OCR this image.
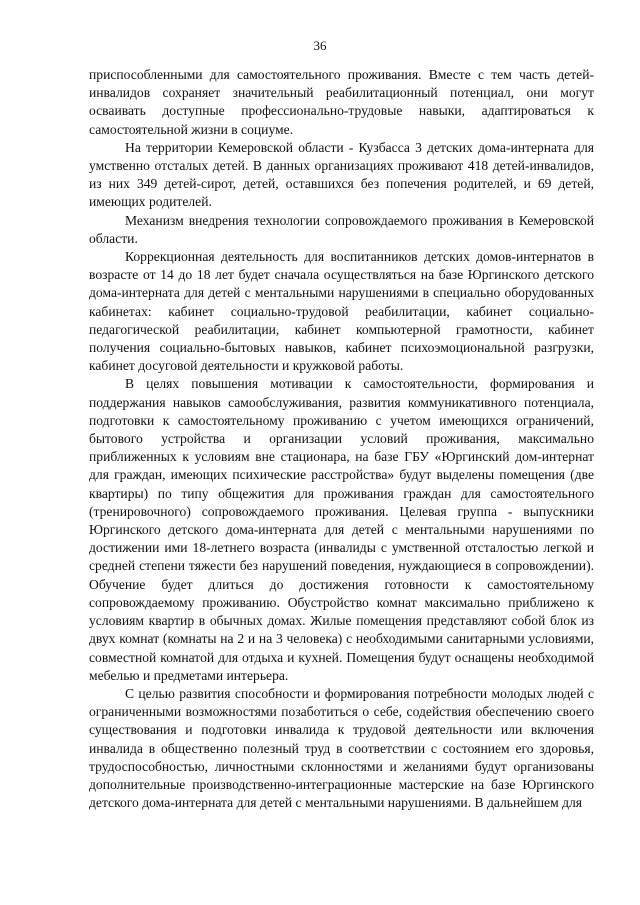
36

приспособленными для самостоятельного проживания. Вместе с тем часть детей-инвалидов сохраняет значительный реабилитационный потенциал, они могут осваивать доступные профессионально-трудовые навыки, адаптироваться к самостоятельной жизни в социуме.

На территории Кемеровской области - Кузбасса 3 детских дома-интерната для умственно отсталых детей. В данных организациях проживают 418 детей-инвалидов, из них 349 детей-сирот, детей, оставшихся без попечения родителей, и 69 детей, имеющих родителей.

Механизм внедрения технологии сопровождаемого проживания в Кемеровской области.

Коррекционная деятельность для воспитанников детских домов-интернатов в возрасте от 14 до 18 лет будет сначала осуществляться на базе Юргинского детского дома-интерната для детей с ментальными нарушениями в специально оборудованных кабинетах: кабинет социально-трудовой реабилитации, кабинет социально-педагогической реабилитации, кабинет компьютерной грамотности, кабинет получения социально-бытовых навыков, кабинет психоэмоциональной разгрузки, кабинет досуговой деятельности и кружковой работы.

В целях повышения мотивации к самостоятельности, формирования и поддержания навыков самообслуживания, развития коммуникативного потенциала, подготовки к самостоятельному проживанию с учетом имеющихся ограничений, бытового устройства и организации условий проживания, максимально приближенных к условиям вне стационара, на базе ГБУ «Юргинский дом-интернат для граждан, имеющих психические расстройства» будут выделены помещения (две квартиры) по типу общежития для проживания граждан для самостоятельного (тренировочного) сопровождаемого проживания. Целевая группа - выпускники Юргинского детского дома-интерната для детей с ментальными нарушениями по достижении ими 18-летнего возраста (инвалиды с умственной отсталостью легкой и средней степени тяжести без нарушений поведения, нуждающиеся в сопровождении). Обучение будет длиться до достижения готовности к самостоятельному сопровождаемому проживанию. Обустройство комнат максимально приближено к условиям квартир в обычных домах. Жилые помещения представляют собой блок из двух комнат (комнаты на 2 и на 3 человека) с необходимыми санитарными условиями, совместной комнатой для отдыха и кухней. Помещения будут оснащены необходимой мебелью и предметами интерьера.

С целью развития способности и формирования потребности молодых людей с ограниченными возможностями позаботиться о себе, содействия обеспечению своего существования и подготовки инвалида к трудовой деятельности или включения инвалида в общественно полезный труд в соответствии с состоянием его здоровья, трудоспособностью, личностными склонностями и желаниями будут организованы дополнительные производственно-интеграционные мастерские на базе Юргинского детского дома-интерната для детей с ментальными нарушениями. В дальнейшем для
